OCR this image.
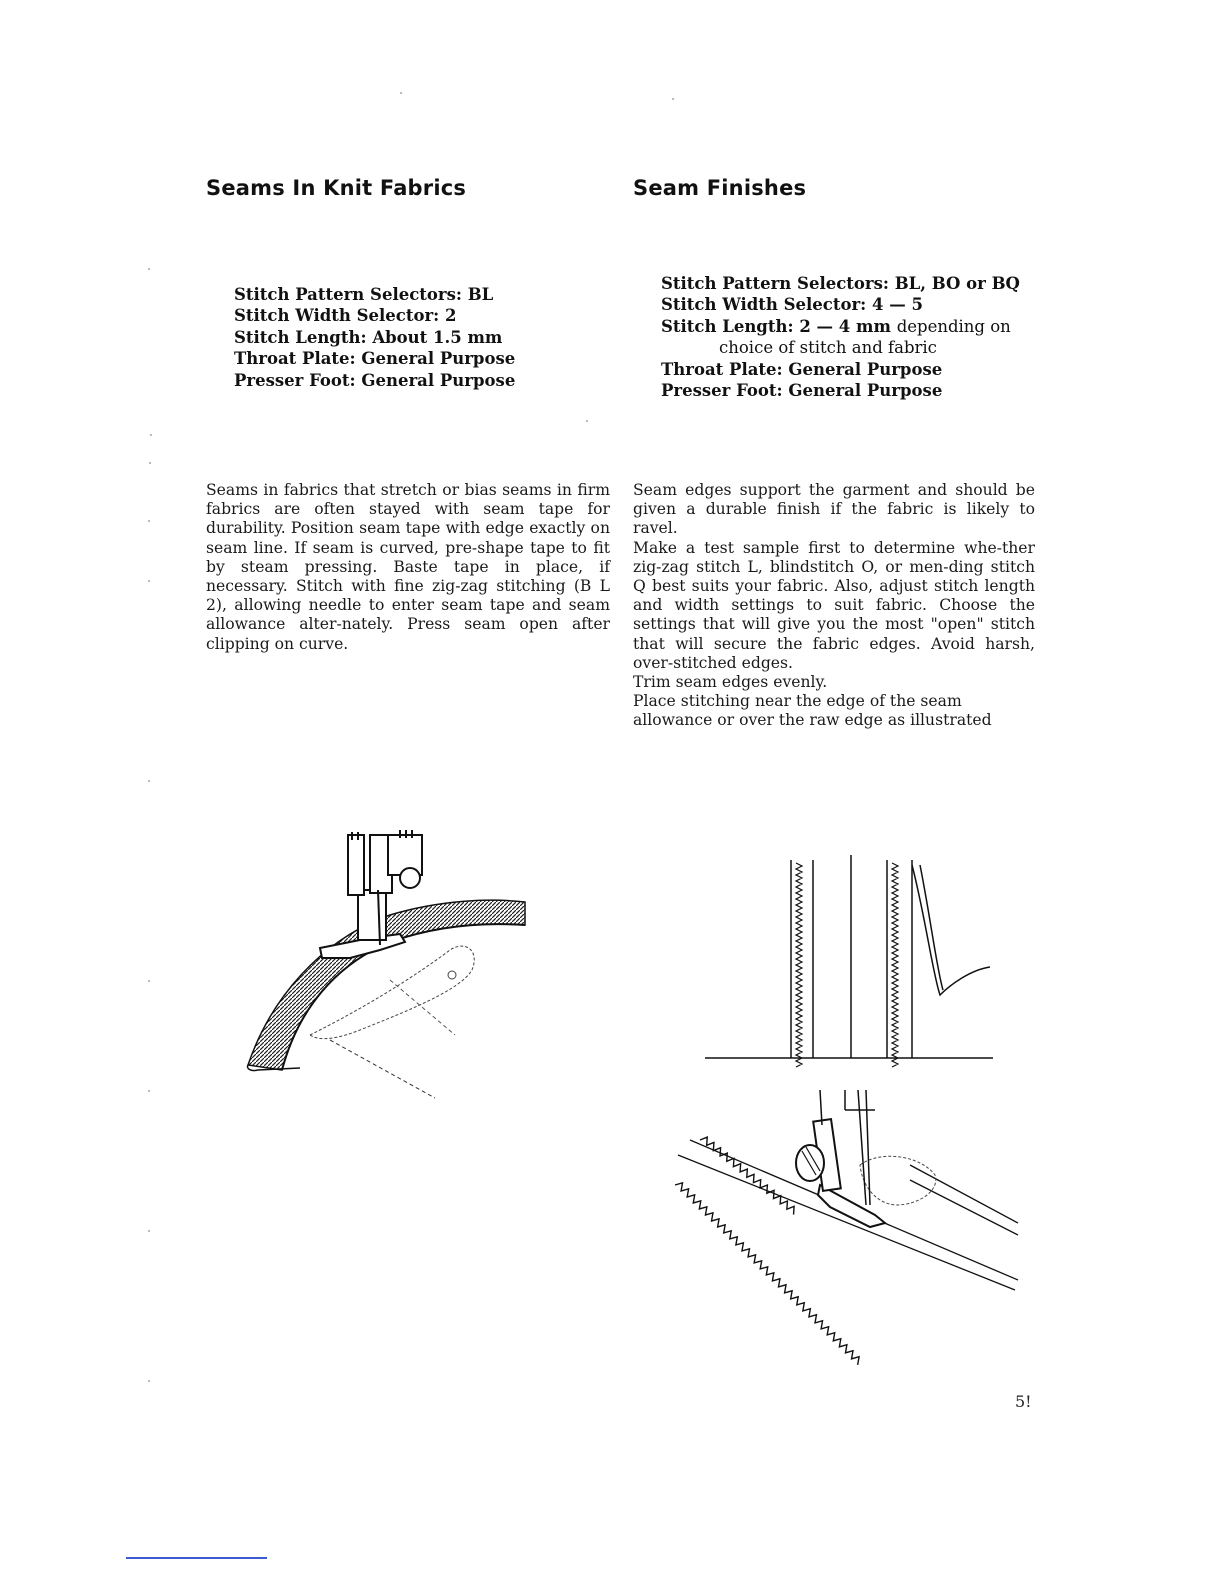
Seams In Knit Fabrics	Seam Finishes
Stitch Pattern Selectors: BL
Stitch Width Selector: 2
Stitch Length: About 1.5 mm
Throat Plate: General Purpose
Presser Foot: General Purpose
Stitch Pattern Selectors: BL, BO or BQ
Stitch Width Selector: 4 — 5
Stitch Length: 2 — 4 mm depending on
choice of stitch and fabric
Throat Plate: General Purpose
Presser Foot: General Purpose

Seams in fabrics that stretch or bias seams in firm fabrics are often stayed with seam tape for durability. Position seam tape with edge exactly on seam line. If seam is curved, pre-shape tape to fit by steam pressing. Baste tape in place, if necessary. Stitch with fine zig-zag stitching (B L 2), allowing needle to enter seam tape and seam allowance alter-nately. Press seam open after clipping on curve.

Seam edges support the garment and should be given a durable finish if the fabric is likely to ravel.

Make a test sample first to determine whe-ther zig-zag stitch L, blindstitch O, or men-ding stitch Q best suits your fabric. Also, adjust stitch length and width settings to suit fabric. Choose the settings that will give you the most "open" stitch that will secure the fabric edges. Avoid harsh, over-stitched edges.

Trim seam edges evenly.

Place stitching near the edge of the seam allowance or over the raw edge as illustrated

5!
